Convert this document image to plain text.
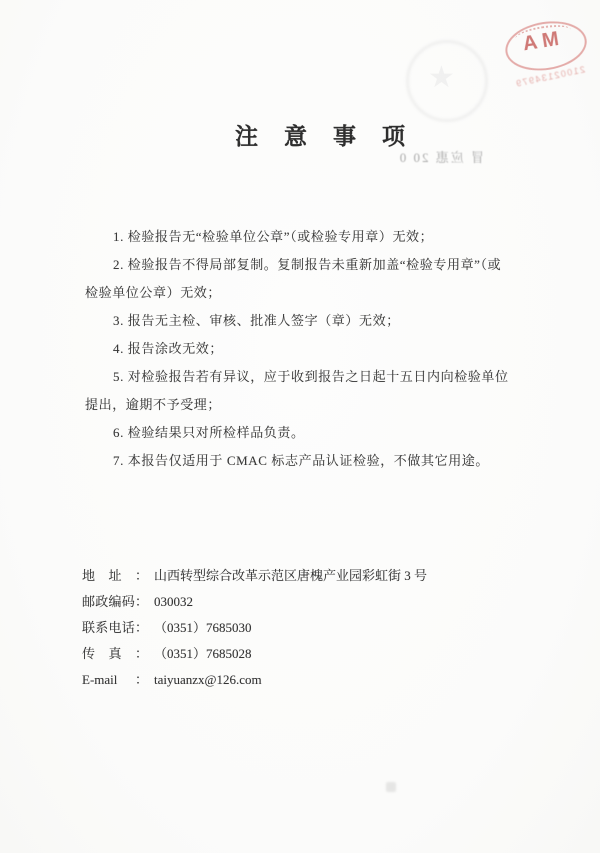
注意事项
★
冒 应惠 20 0
AM
21002134979
1. 检验报告无“检验单位公章”（或检验专用章）无效；
2. 检验报告不得局部复制。复制报告未重新加盖“检验专用章”（或
检验单位公章）无效；
3. 报告无主检、审核、批准人签字（章）无效；
4. 报告涂改无效；
5. 对检验报告若有异议，应于收到报告之日起十五日内向检验单位
提出，逾期不予受理；
6. 检验结果只对所检样品负责。
7. 本报告仅适用于 CMAC 标志产品认证检验，不做其它用途。
地址： 山西转型综合改革示范区唐槐产业园彩虹街 3 号
邮政编码： 030032
联系电话： （0351）7685030
传真： （0351）7685028
E-mail ： taiyuanzx@126.com
